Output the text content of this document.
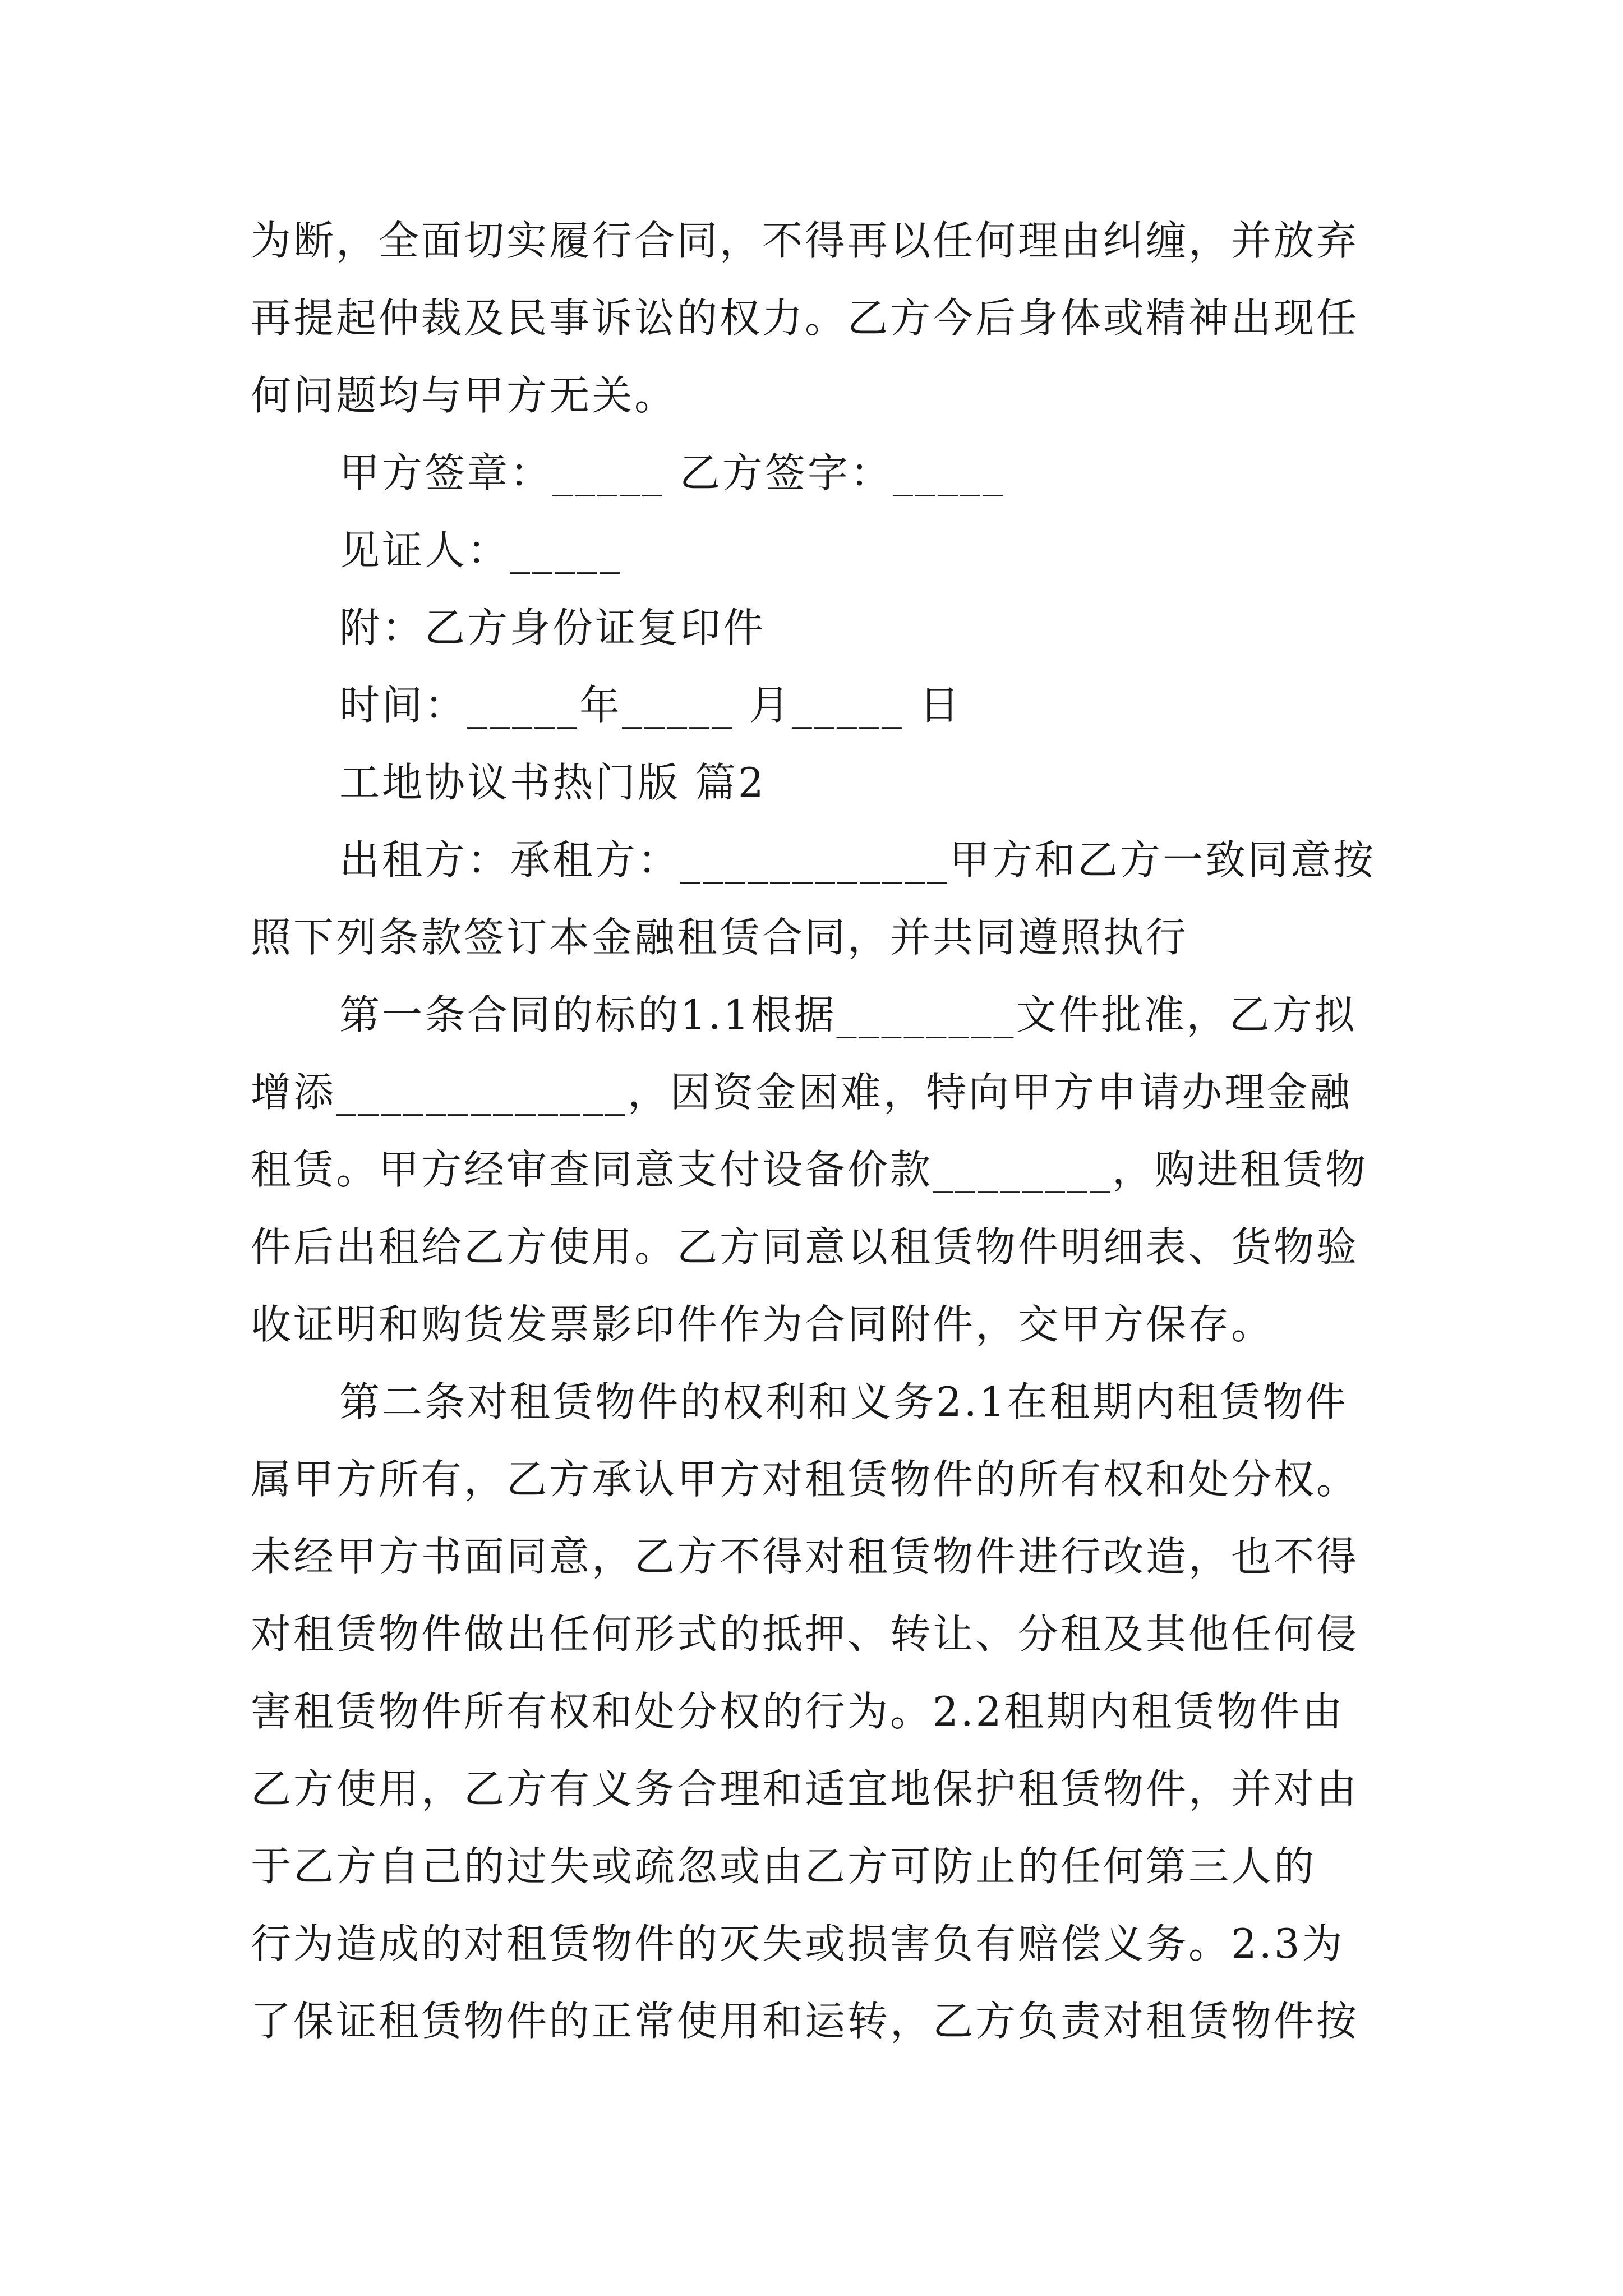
为断，全面切实履行合同，不得再以任何理由纠缠，并放弃
再提起仲裁及民事诉讼的权力。乙方今后身体或精神出现任
何问题均与甲方无关。
甲方签章：_____ 乙方签字：_____
见证人：_____
附：乙方身份证复印件
时间：_____年_____ 月_____ 日
工地协议书热门版 篇2
出租方：承租方：____________甲方和乙方一致同意按
照下列条款签订本金融租赁合同，并共同遵照执行
第一条合同的标的1.1根据________文件批准，乙方拟
增添_____________，因资金困难，特向甲方申请办理金融
租赁。甲方经审查同意支付设备价款________，购进租赁物
件后出租给乙方使用。乙方同意以租赁物件明细表、货物验
收证明和购货发票影印件作为合同附件，交甲方保存。
第二条对租赁物件的权利和义务2.1在租期内租赁物件
属甲方所有，乙方承认甲方对租赁物件的所有权和处分权。
未经甲方书面同意，乙方不得对租赁物件进行改造，也不得
对租赁物件做出任何形式的抵押、转让、分租及其他任何侵
害租赁物件所有权和处分权的行为。2.2租期内租赁物件由
乙方使用，乙方有义务合理和适宜地保护租赁物件，并对由
于乙方自己的过失或疏忽或由乙方可防止的任何第三人的
行为造成的对租赁物件的灭失或损害负有赔偿义务。2.3为
了保证租赁物件的正常使用和运转，乙方负责对租赁物件按
